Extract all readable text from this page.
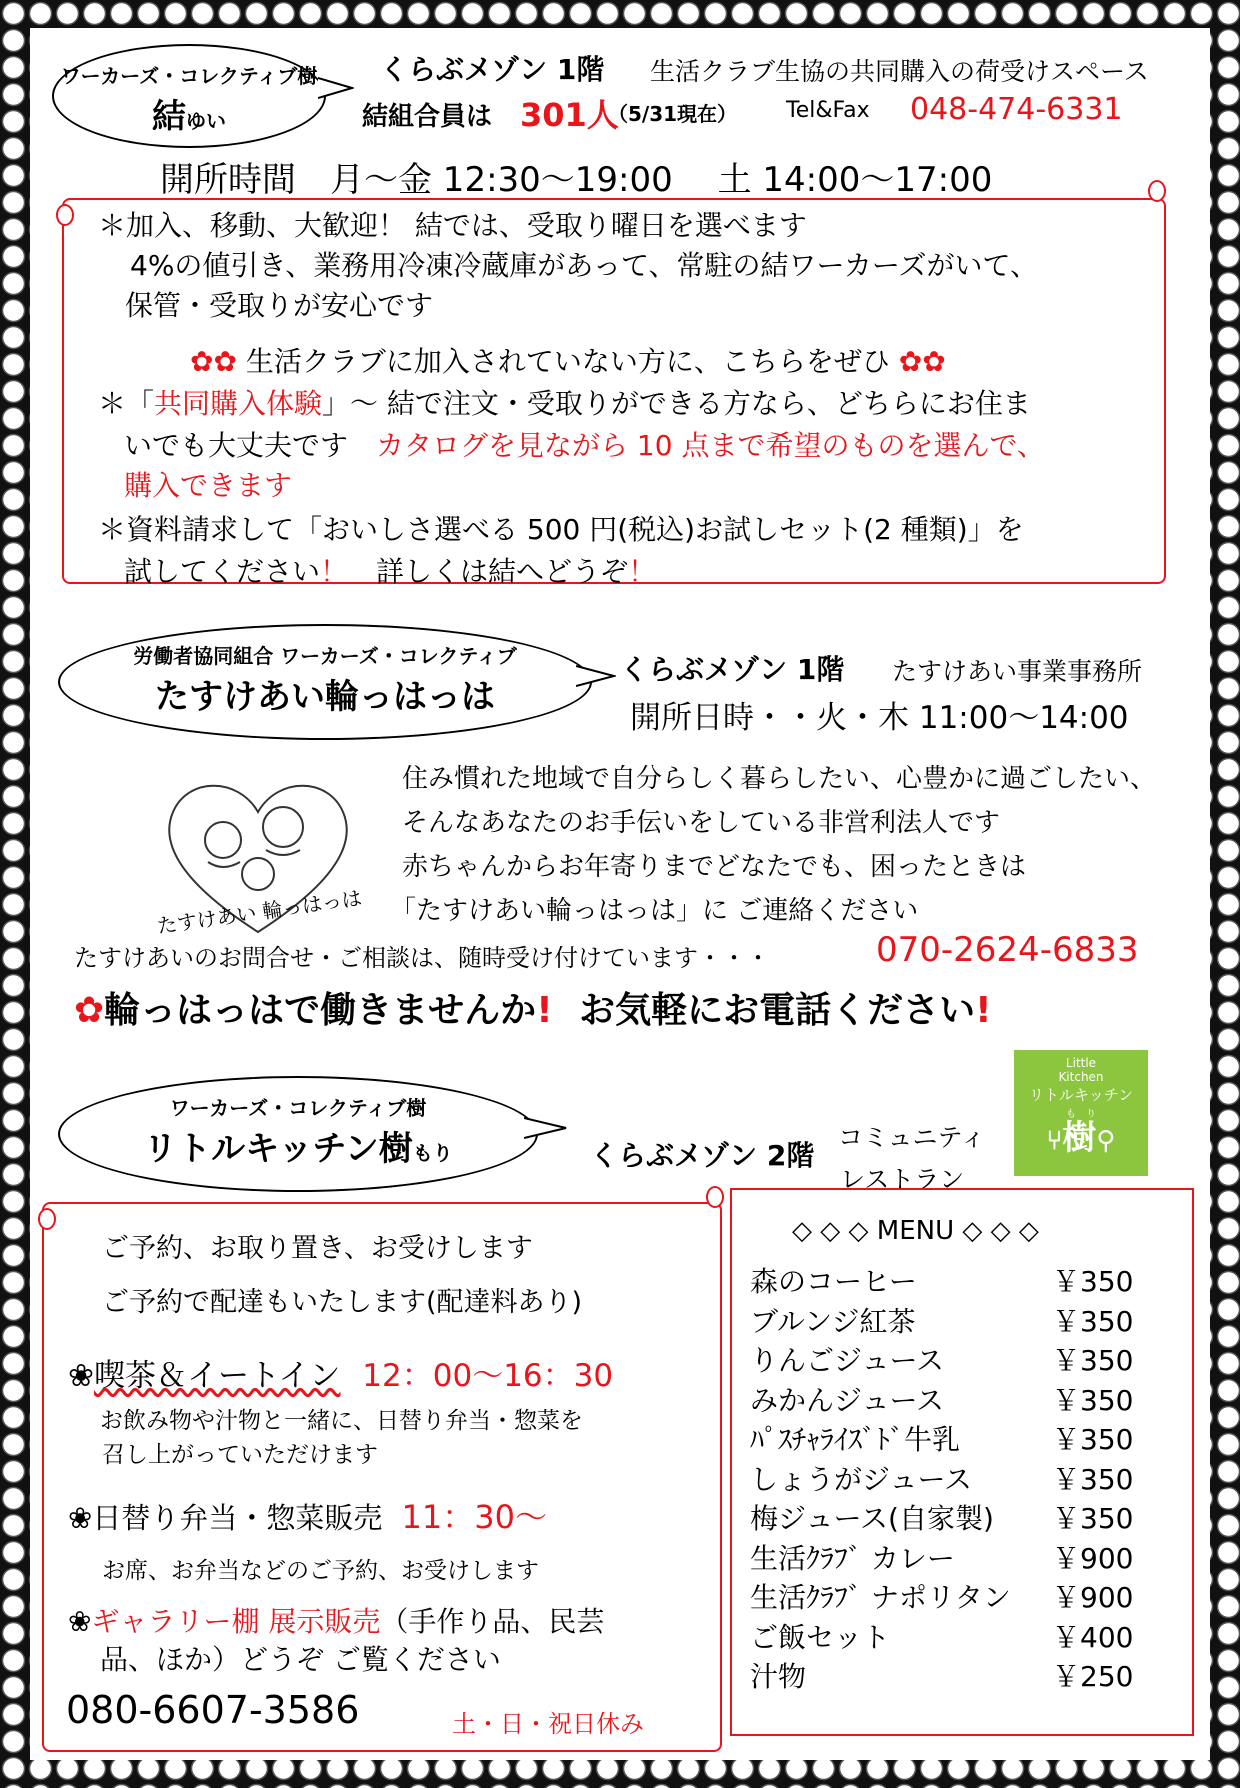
ワーカーズ・コレクティブ樹
結ゆい
くらぶメゾン 1階 生活クラブ生協の共同購入の荷受けスペース
結組合員は 301人
（5/31現在） Tel&Fax 048-474-6331
開所時間　月～金 12:30～19:00　 土 14:00～17:00
＊加入、移動、大歓迎！ 結では、受取り曜日を選べます
4%の値引き、業務用冷凍冷蔵庫があって、常駐の結ワーカーズがいて、
保管・受取りが安心です
✿✿ 生活クラブに加入されていない方に、こちらをぜひ ✿✿
＊「共同購入体験」～ 結で注文・受取りができる方なら、どちらにお住ま
いでも大丈夫です　カタログを見ながら 10 点まで希望のものを選んで、
購入できます
＊資料請求して「おいしさ選べる 500 円(税込)お試しセット(2 種類)」を
試してください！　 詳しくは結へどうぞ！
労働者協同組合 ワーカーズ・コレクティブ
たすけあい輪っはっは
くらぶメゾン 1階 たすけあい事業事務所
開所日時・・火・木 11:00～14:00
たすけあい 輪っはっは
住み慣れた地域で自分らしく暮らしたい、心豊かに過ごしたい、
そんなあなたのお手伝いをしている非営利法人です
赤ちゃんからお年寄りまでどなたでも、困ったときは
「たすけあい輪っはっは」に ご連絡ください
たすけあいのお問合せ・ご相談は、随時受け付けています・・・	070-2624-6833
✿輪っはっはで働きませんか! お気軽にお電話ください!
ワーカーズ・コレクティブ樹
リトルキッチン樹もり	くらぶメゾン 2階
コミュニティ
レストラン
Little
Kitchen
リトルキッチン
も　り
⑂樹⚲
ご予約、お取り置き、お受けします
ご予約で配達もいたします(配達料あり)
❀喫茶＆イートイン 12：00～16：30
お飲み物や汁物と一緒に、日替り弁当・惣菜を
召し上がっていただけます
❀日替り弁当・惣菜販売 11：30～
お席、お弁当などのご予約、お受けします
❀ギャラリー棚 展示販売（手作り品、民芸
品、ほか）どうぞ ご覧ください
080-6607-3586	土・日・祝日休み
◇ ◇ ◇ MENU ◇ ◇ ◇
森のコーヒー	￥350
ブルンジ紅茶	￥350
りんごジュース	￥350
みかんジュース	￥350
ﾊﾟｽﾁｬﾗｲｽﾞﾄﾞ牛乳	￥350
しょうがジュース	￥350
梅ジュース(自家製) ￥350
生活ｸﾗﾌﾞ カレー	￥900
生活ｸﾗﾌﾞ ナポリタン ￥900
ご飯セット	￥400
汁物	￥250
